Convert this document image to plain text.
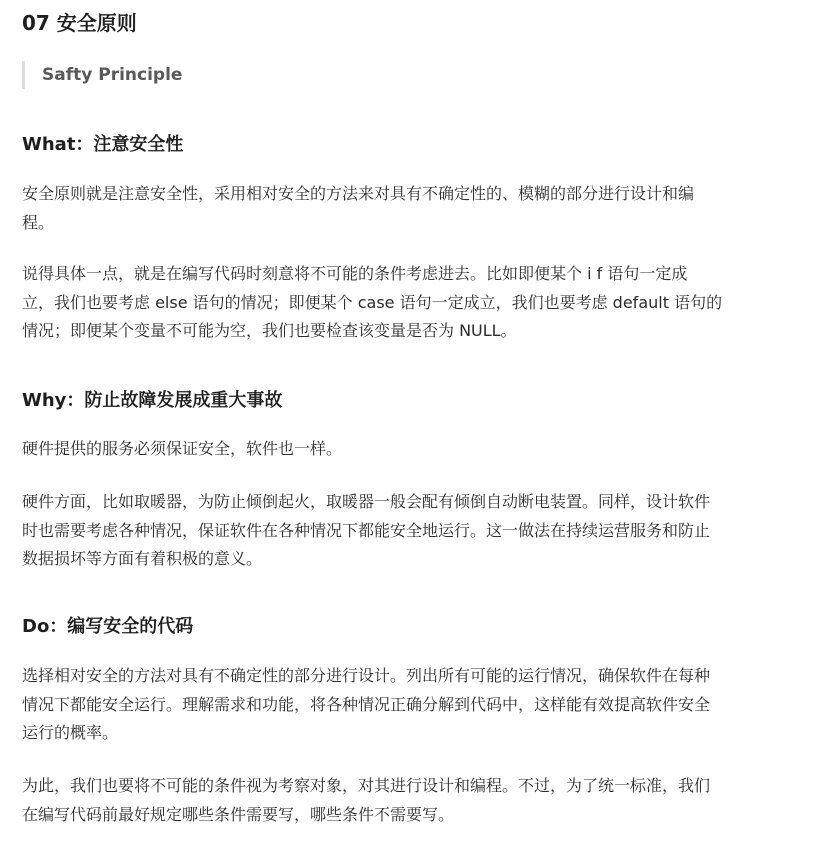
07 安全原则
Safty Principle
What：注意安全性

安全原则就是注意安全性，采用相对安全的方法来对具有不确定性的、模糊的部分进行设计和编
程。

说得具体一点，就是在编写代码时刻意将不可能的条件考虑进去。比如即便某个 i f 语句一定成
立，我们也要考虑 else 语句的情况；即便某个 case 语句一定成立，我们也要考虑 default 语句的
情况；即便某个变量不可能为空，我们也要检查该变量是否为 NULL。

Why：防止故障发展成重大事故

硬件提供的服务必须保证安全，软件也一样。

硬件方面，比如取暖器，为防止倾倒起火，取暖器一般会配有倾倒自动断电装置。同样，设计软件
时也需要考虑各种情况，保证软件在各种情况下都能安全地运行。这一做法在持续运营服务和防止
数据损坏等方面有着积极的意义。

Do：编写安全的代码

选择相对安全的方法对具有不确定性的部分进行设计。列出所有可能的运行情况，确保软件在每种
情况下都能安全运行。理解需求和功能，将各种情况正确分解到代码中，这样能有效提高软件安全
运行的概率。

为此，我们也要将不可能的条件视为考察对象，对其进行设计和编程。不过，为了统一标准，我们
在编写代码前最好规定哪些条件需要写，哪些条件不需要写。
